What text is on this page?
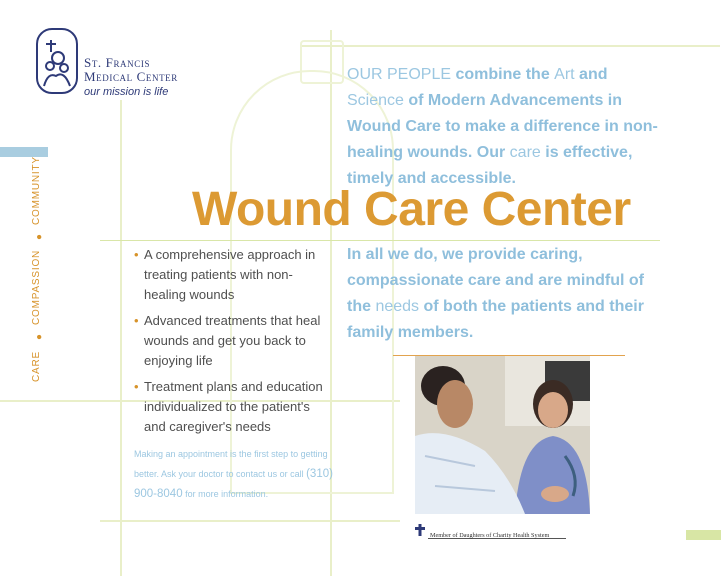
St. Francis
Medical Center
our mission is life
CARE
●
COMPASSION
●
COMMUNITY
OUR PEOPLE combine the Art and Science of Modern Advancements in Wound Care to make a difference in non-healing wounds. Our care is effective, timely and accessible.
Wound Care Center
• A comprehensive approach in treating patients with non- healing wounds
• Advanced treatments that heal wounds and get you back to enjoying life
• Treatment plans and education individualized to the patient's and caregiver's needs
Making an appointment is the first step to getting better. Ask your doctor to contact us or call (310) 900-8040 for more information.
In all we do, we provide caring, compassionate care and are mindful of the needs of both the patients and their family members.
Member of Daughters of Charity Health System
